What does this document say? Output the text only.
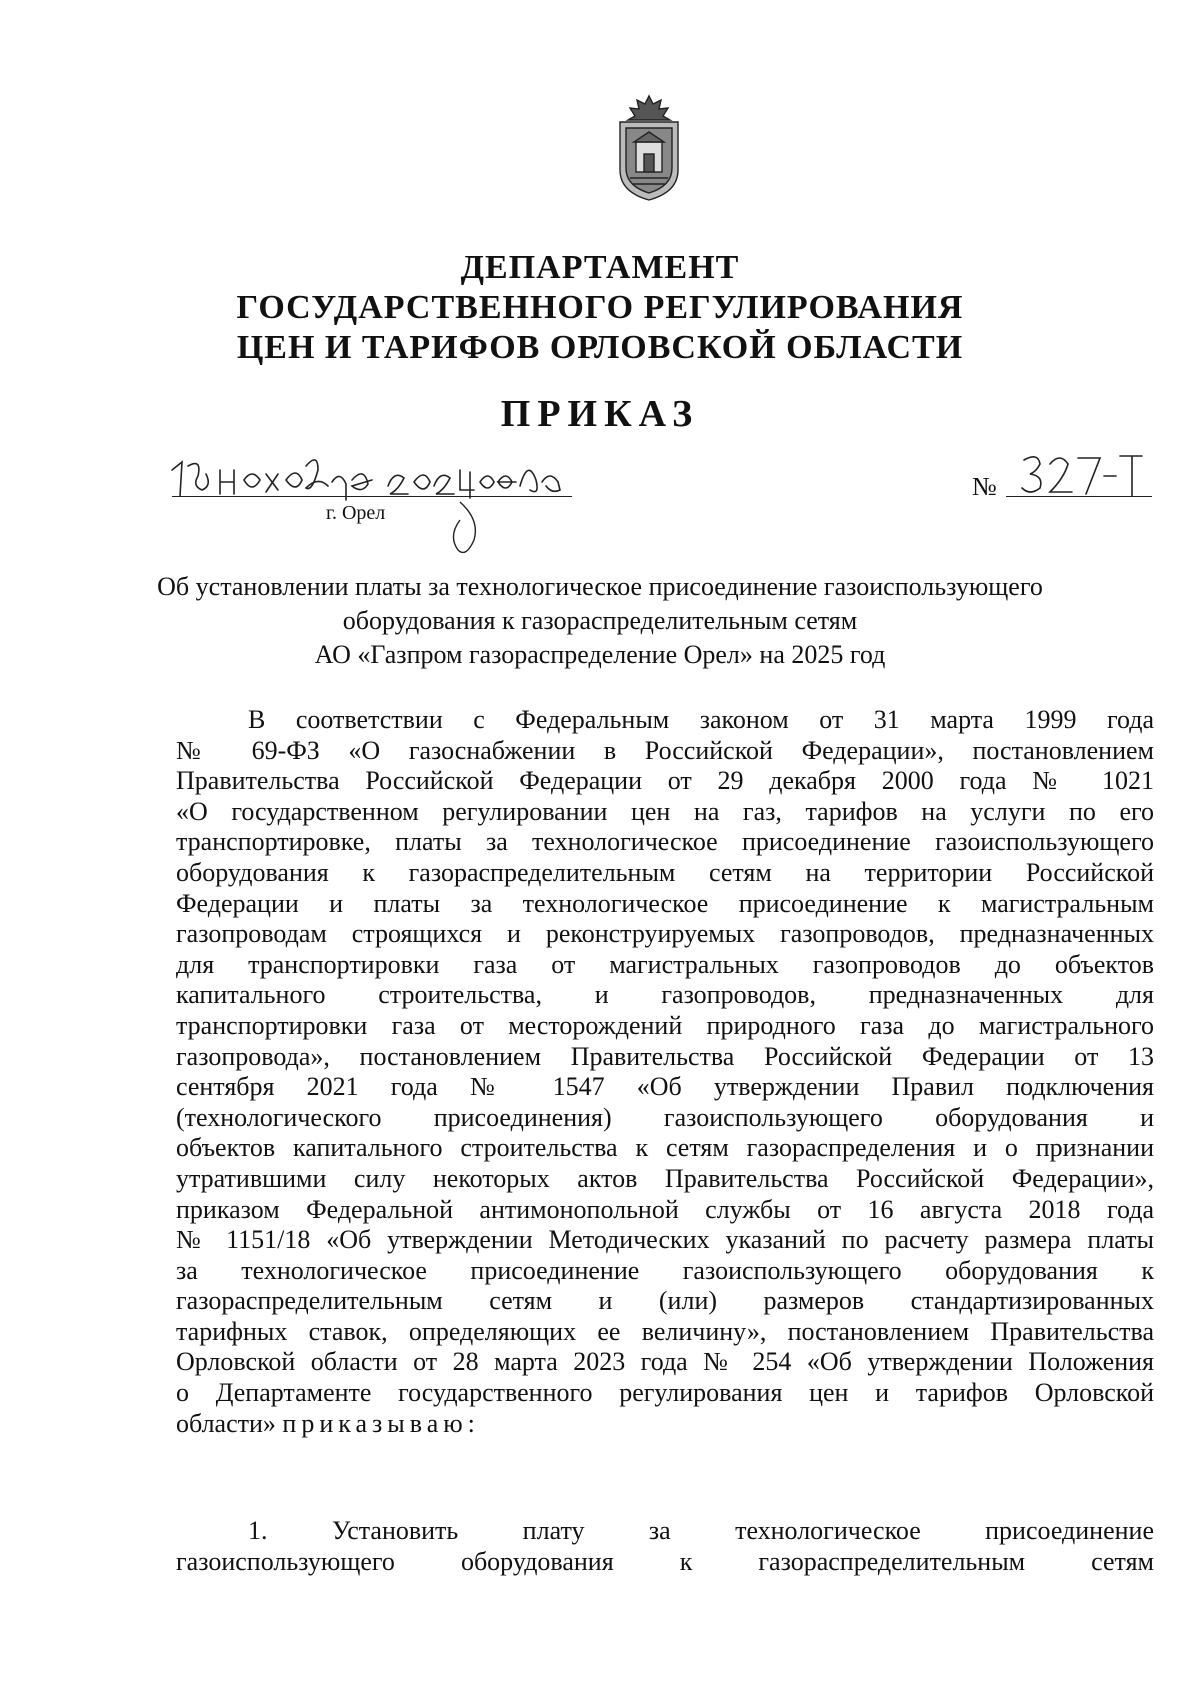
ДЕПАРТАМЕНТ
ГОСУДАРСТВЕННОГО РЕГУЛИРОВАНИЯ
ЦЕН И ТАРИФОВ ОРЛОВСКОЙ ОБЛАСТИ
ПРИКАЗ
г. Орел
№
Об установлении платы за технологическое присоединение газоиспользующего
оборудования к газораспределительным сетям
АО «Газпром газораспределение Орел» на 2025 год
В соответствии с Федеральным законом от 31 марта 1999 года
№ 69-ФЗ «О газоснабжении в Российской Федерации», постановлением
Правительства Российской Федерации от 29 декабря 2000 года № 1021
«О государственном регулировании цен на газ, тарифов на услуги по его
транспортировке, платы за технологическое присоединение газоиспользующего
оборудования к газораспределительным сетям на территории Российской
Федерации и платы за технологическое присоединение к магистральным
газопроводам строящихся и реконструируемых газопроводов, предназначенных
для транспортировки газа от магистральных газопроводов до объектов
капитального строительства, и газопроводов, предназначенных для
транспортировки газа от месторождений природного газа до магистрального
газопровода», постановлением Правительства Российской Федерации от 13
сентября 2021 года № 1547 «Об утверждении Правил подключения
(технологического присоединения) газоиспользующего оборудования и
объектов капитального строительства к сетям газораспределения и о признании
утратившими силу некоторых актов Правительства Российской Федерации»,
приказом Федеральной антимонопольной службы от 16 августа 2018 года
№ 1151/18 «Об утверждении Методических указаний по расчету размера платы
за технологическое присоединение газоиспользующего оборудования к
газораспределительным сетям и (или) размеров стандартизированных
тарифных ставок, определяющих ее величину», постановлением Правительства
Орловской области от 28 марта 2023 года № 254 «Об утверждении Положения
о Департаменте государственного регулирования цен и тарифов Орловской
области» приказываю:
1. Установить плату за технологическое присоединение
газоиспользующего оборудования к газораспределительным сетям
